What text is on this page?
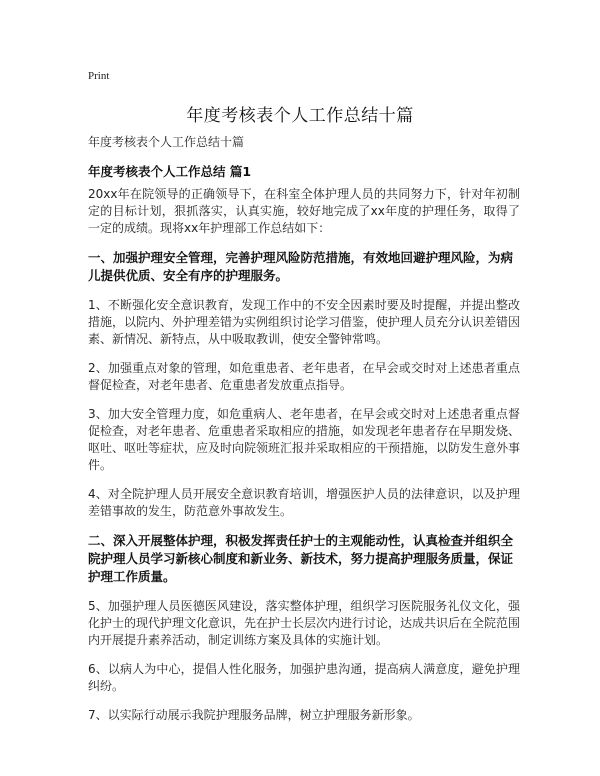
Print
年度考核表个人工作总结十篇
年度考核表个人工作总结十篇
年度考核表个人工作总结 篇1

20xx年在院领导的正确领导下，在科室全体护理人员的共同努力下，针对年初制定的目标计划，狠抓落实，认真实施，较好地完成了xx年度的护理任务，取得了一定的成绩。现将xx年护理部工作总结如下：

一、加强护理安全管理，完善护理风险防范措施，有效地回避护理风险，为病儿提供优质、安全有序的护理服务。

1、不断强化安全意识教育，发现工作中的不安全因素时要及时提醒，并提出整改措施，以院内、外护理差错为实例组织讨论学习借鉴，使护理人员充分认识差错因素、新情况、新特点，从中吸取教训，使安全警钟常鸣。

2、加强重点对象的管理，如危重患者、老年患者，在早会或交时对上述患者重点督促检查，对老年患者、危重患者发放重点指导。

3、加大安全管理力度，如危重病人、老年患者，在早会或交时对上述患者重点督促检查，对老年患者、危重患者采取相应的措施，如发现老年患者存在早期发烧、呕吐、呕吐等症状，应及时向院领班汇报并采取相应的干预措施，以防发生意外事件。

4、对全院护理人员开展安全意识教育培训，增强医护人员的法律意识，以及护理差错事故的发生，防范意外事故发生。

二、深入开展整体护理，积极发挥责任护士的主观能动性，认真检查并组织全院护理人员学习新核心制度和新业务、新技术，努力提高护理服务质量，保证护理工作质量。

5、加强护理人员医德医风建设，落实整体护理，组织学习医院服务礼仪文化，强化护士的现代护理文化意识，先在护士长层次内进行讨论，达成共识后在全院范围内开展提升素养活动，制定训练方案及具体的实施计划。

6、以病人为中心，提倡人性化服务，加强护患沟通，提高病人满意度，避免护理纠纷。

7、以实际行动展示我院护理服务品牌，树立护理服务新形象。
